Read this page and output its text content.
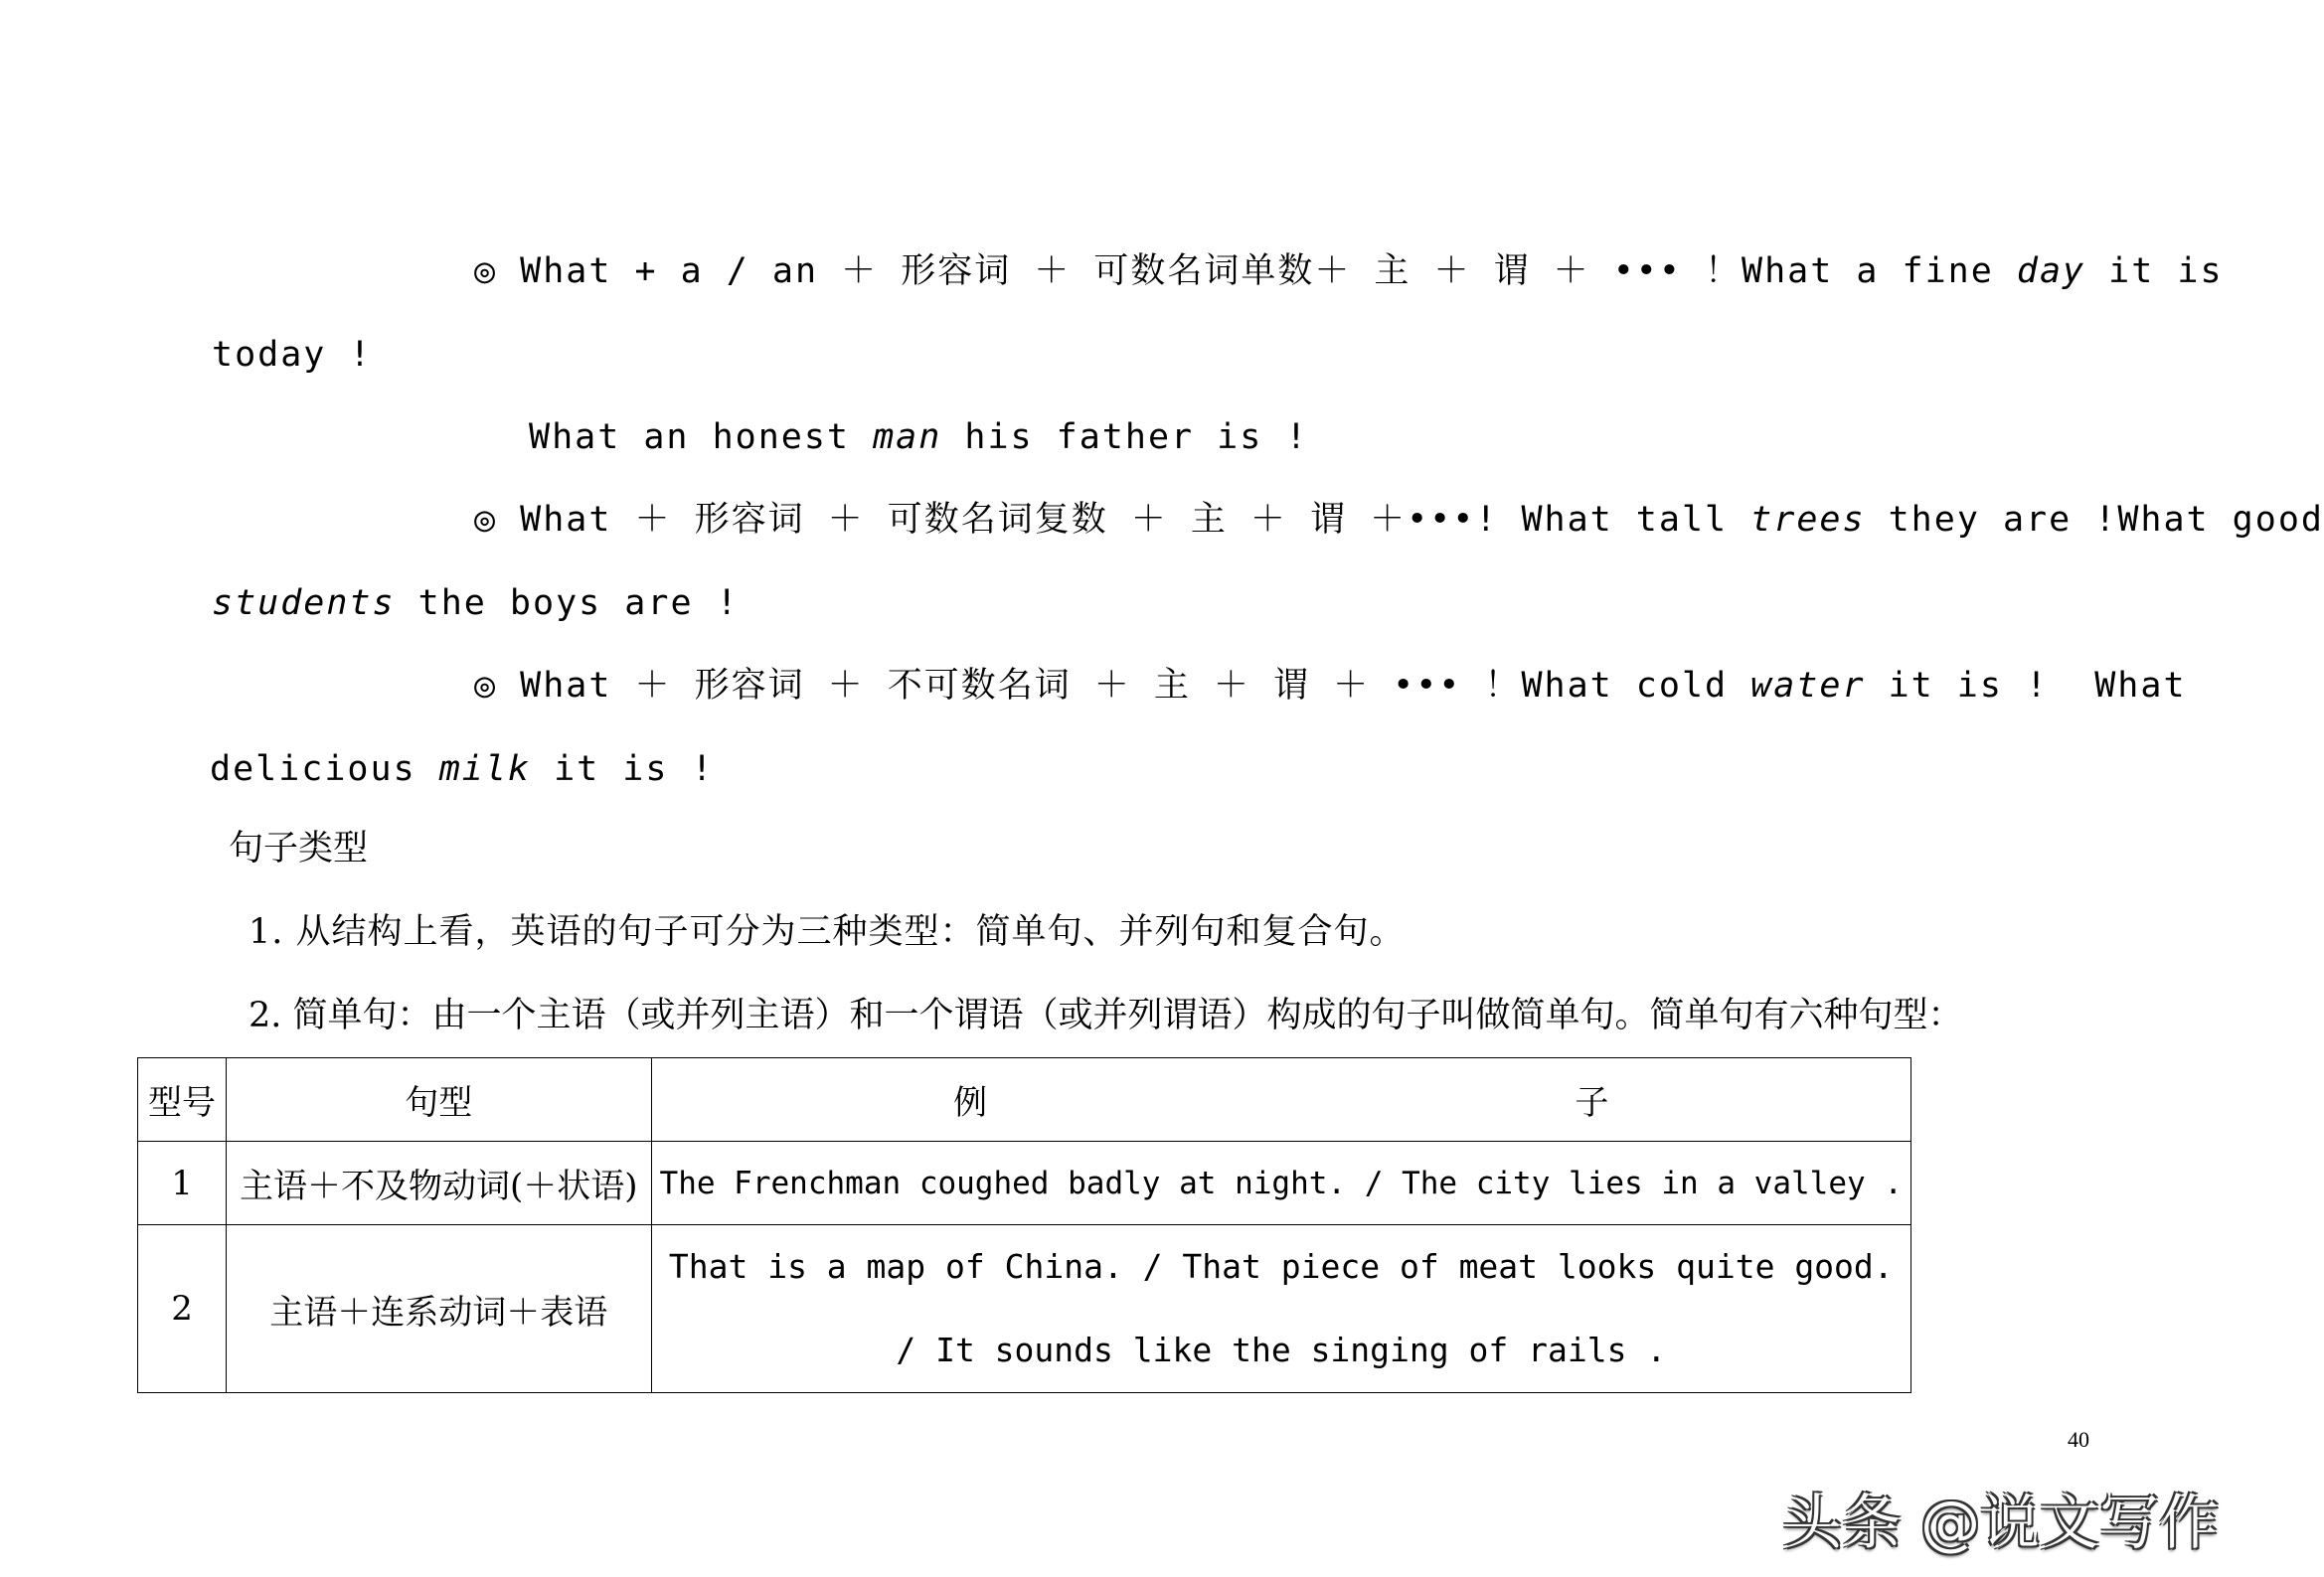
◎ What + a / an ＋ 形容词 ＋ 可数名词单数＋ 主 ＋ 谓 ＋ ••• ！ What a fine day it is
today !
What an honest man his father is !
◎ What ＋ 形容词 ＋ 可数名词复数 ＋ 主 ＋ 谓 ＋•••! What tall trees they are !What good
students the boys are !
◎ What ＋ 形容词 ＋ 不可数名词 ＋ 主 ＋ 谓 ＋ ••• ！ What cold water it is !  What
delicious milk it is !
句子类型
1. 从结构上看，英语的句子可分为三种类型：简单句、并列句和复合句。
2. 简单句：由一个主语（或并列主语）和一个谓语（或并列谓语）构成的句子叫做简单句。简单句有六种句型：
型号	句型	例 子

1	主语＋不及物动词(＋状语)	The Frenchman coughed badly at night. / The city lies in a valley .
2	主语＋连系动词＋表语	That is a map of China. / That piece of meat looks quite good.
/ It sounds like the singing of rails .
40
头条 @说文写作
